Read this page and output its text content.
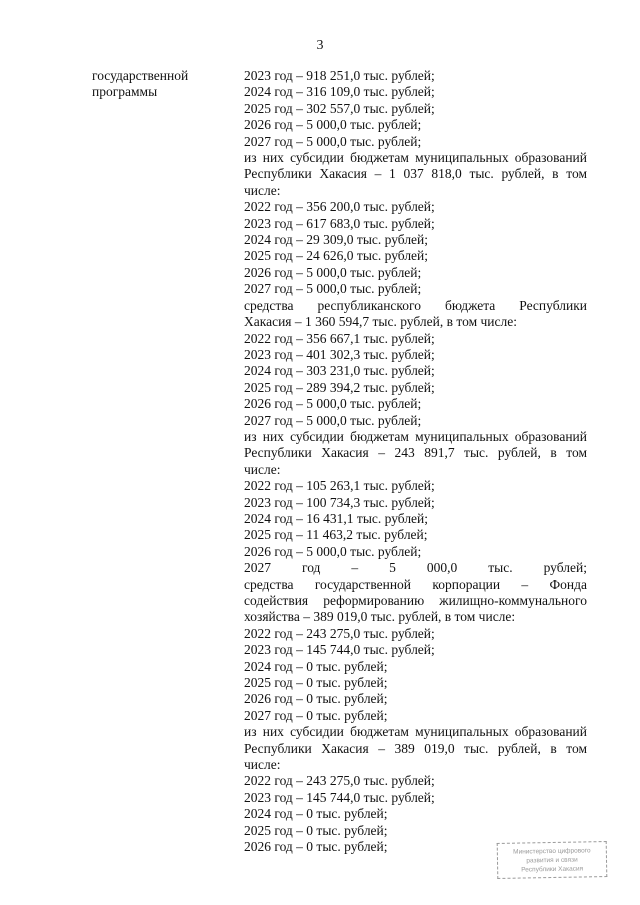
3
государственной
программы
2023 год – 918 251,0 тыс. рублей;
2024 год – 316 109,0 тыс. рублей;
2025 год – 302 557,0 тыс. рублей;
2026 год – 5 000,0 тыс. рублей;
2027 год – 5 000,0 тыс. рублей;
из них субсидии бюджетам муниципальных образований
Республики Хакасия – 1 037 818,0 тыс. рублей, в том
числе:
2022 год – 356 200,0 тыс. рублей;
2023 год – 617 683,0 тыс. рублей;
2024 год – 29 309,0 тыс. рублей;
2025 год – 24 626,0 тыс. рублей;
2026 год – 5 000,0 тыс. рублей;
2027 год – 5 000,0 тыс. рублей;
средства республиканского бюджета Республики
Хакасия – 1 360 594,7 тыс. рублей, в том числе:
2022 год – 356 667,1 тыс. рублей;
2023 год – 401 302,3 тыс. рублей;
2024 год – 303 231,0 тыс. рублей;
2025 год – 289 394,2 тыс. рублей;
2026 год – 5 000,0 тыс. рублей;
2027 год – 5 000,0 тыс. рублей;
из них субсидии бюджетам муниципальных образований
Республики Хакасия – 243 891,7 тыс. рублей, в том
числе:
2022 год – 105 263,1 тыс. рублей;
2023 год – 100 734,3 тыс. рублей;
2024 год – 16 431,1 тыс. рублей;
2025 год – 11 463,2 тыс. рублей;
2026 год – 5 000,0 тыс. рублей;
2027 год – 5 000,0 тыс. рублей;
средства государственной корпорации – Фонда
содействия реформированию жилищно-коммунального
хозяйства – 389 019,0 тыс. рублей, в том числе:
2022 год – 243 275,0 тыс. рублей;
2023 год – 145 744,0 тыс. рублей;
2024 год – 0 тыс. рублей;
2025 год – 0 тыс. рублей;
2026 год – 0 тыс. рублей;
2027 год – 0 тыс. рублей;
из них субсидии бюджетам муниципальных образований
Республики Хакасия – 389 019,0 тыс. рублей, в том
числе:
2022 год – 243 275,0 тыс. рублей;
2023 год – 145 744,0 тыс. рублей;
2024 год – 0 тыс. рублей;
2025 год – 0 тыс. рублей;
2026 год – 0 тыс. рублей;	Министерство цифрового
развития и связи
Республики Хакасия
